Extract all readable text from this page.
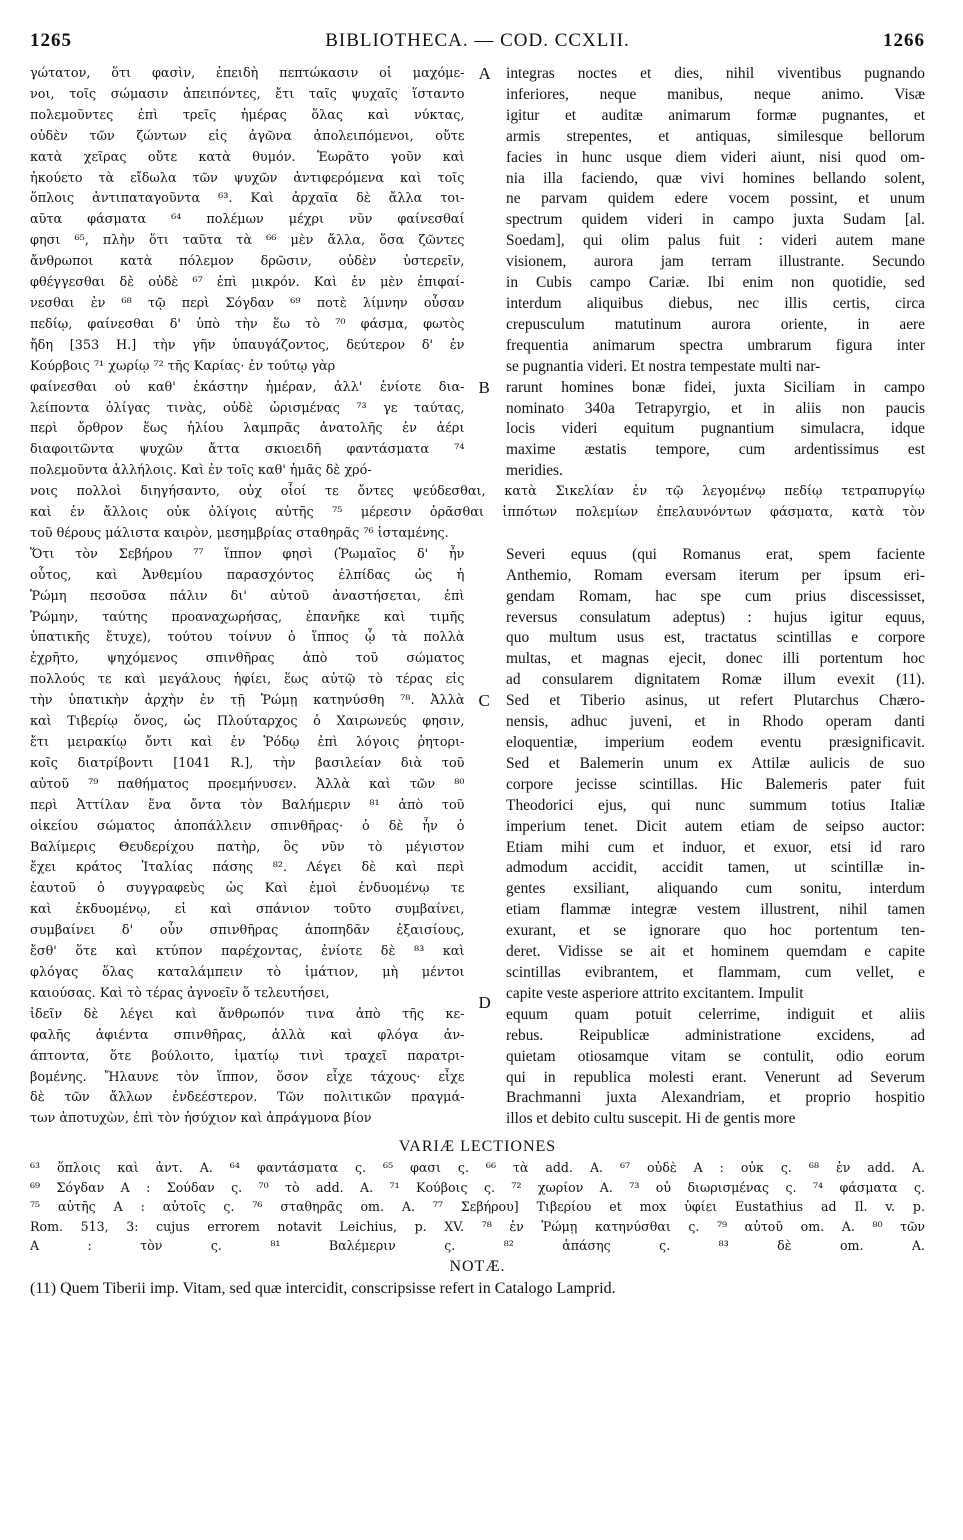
1265	BIBLIOTHECA. — COD. CCXLII.	1266
γώτατον, ὅτι φασὶν, ἐπειδὴ πεπτώκασιν οἱ μαχόμε-
νοι, τοῖς σώμασιν ἀπειπόντες, ἔτι ταῖς ψυχαῖς ἵσταντο
πολεμοῦντες ἐπὶ τρεῖς ἡμέρας ὅλας καὶ νύκτας,
οὐδὲν τῶν ζώντων εἰς ἀγῶνα ἀπολειπόμενοι, οὔτε
κατὰ χεῖρας οὔτε κατὰ θυμόν. Ἑωρᾶτο γοῦν καὶ
ἠκούετο τὰ εἴδωλα τῶν ψυχῶν ἀντιφερόμενα καὶ τοῖς
ὅπλοις ἀντιπαταγοῦντα ⁶³. Καὶ ἀρχαῖα δὲ ἄλλα τοι-
αῦτα φάσματα ⁶⁴ πολέμων μέχρι νῦν φαίνεσθαί
φησι ⁶⁵, πλὴν ὅτι ταῦτα τὰ ⁶⁶ μὲν ἄλλα, ὅσα ζῶντες
ἄνθρωποι κατὰ πόλεμον δρῶσιν, οὐδὲν ὑστερεῖν,
φθέγγεσθαι δὲ οὐδὲ ⁶⁷ ἐπὶ μικρόν. Καὶ ἐν μὲν ἐπιφαί-
νεσθαι ἐν ⁶⁸ τῷ περὶ Σόγδαν ⁶⁹ ποτὲ λίμνην οὖσαν
πεδίῳ, φαίνεσθαι δ' ὑπὸ τὴν ἕω τὸ ⁷⁰ φάσμα, φωτὸς
ἤδη [353 H.] τὴν γῆν ὑπαυγάζοντος, δεύτερον δ' ἐν
Κούρβοις ⁷¹ χωρίῳ ⁷² τῆς Καρίας· ἐν τούτῳ γὰρ
A integras noctes et dies, nihil viventibus pugnando
inferiores, neque manibus, neque animo. Visæ
igitur et auditæ animarum formæ pugnantes, et
armis strepentes, et antiquas, similesque bellorum
facies in hunc usque diem videri aiunt, nisi quod om-
nia illa faciendo, quæ vivi homines bellando solent,
ne parvam quidem edere vocem possint, et unum
spectrum quidem videri in campo juxta Sudam [al.
Soedam], qui olim palus fuit : videri autem mane
visionem, aurora jam terram illustrante. Secundo
in Cubis campo Cariæ. Ibi enim non quotidie, sed
interdum aliquibus diebus, nec illis certis, circa
crepusculum matutinum aurora oriente, in aere
frequentia animarum spectra umbrarum figura inter
se pugnantia videri. Et nostra tempestate multi nar-
φαίνεσθαι οὐ καθ' ἑκάστην ἡμέραν, ἀλλ' ἐνίοτε δια-
λείποντα ὀλίγας τινὰς, οὐδὲ ὡρισμένας ⁷³ γε ταύτας,
περὶ ὄρθρον ἕως ἡλίου λαμπρᾶς ἀνατολῆς ἐν ἀέρι
διαφοιτῶντα ψυχῶν ἄττα σκιοειδῆ φαντάσματα ⁷⁴
πολεμοῦντα ἀλλήλοις. Καὶ ἐν τοῖς καθ' ἡμᾶς δὲ χρό-
B rarunt homines bonæ fidei, juxta Siciliam in campo
nominato 340a Tetrapyrgio, et in aliis non paucis
locis videri equitum pugnantium simulacra, idque
maxime æstatis tempore, cum ardentissimus est
meridies.
νοις πολλοὶ διηγήσαντο, οὐχ οἷοί τε ὄντες ψεύδεσθαι, κατὰ Σικελίαν ἐν τῷ λεγομένῳ πεδίῳ τετραπυργίῳ
καὶ ἐν ἄλλοις οὐκ ὀλίγοις αὐτῆς ⁷⁵ μέρεσιν ὁρᾶσθαι ἱππότων πολεμίων ἐπελαυνόντων φάσματα, κατὰ τὸν
τοῦ θέρους μάλιστα καιρὸν, μεσημβρίας σταθηρᾶς ⁷⁶ ἱσταμένης.
Ὅτι τὸν Σεβήρου ⁷⁷ ἵππον φησὶ (Ῥωμαῖος δ' ἦν
οὗτος, καὶ Ἀνθεμίου παρασχόντος ἐλπίδας ὡς ἡ
Ῥώμη πεσοῦσα πάλιν δι' αὐτοῦ ἀναστήσεται, ἐπὶ
Ῥώμην, ταύτης προαναχωρήσας, ἐπανῆκε καὶ τιμῆς
ὑπατικῆς ἔτυχε), τούτου τοίνυν ὁ ἵππος ᾧ τὰ πολλὰ
ἐχρῆτο, ψηχόμενος σπινθῆρας ἀπὸ τοῦ σώματος
πολλούς τε καὶ μεγάλους ἠφίει, ἕως αὐτῷ τὸ τέρας εἰς
τὴν ὑπατικὴν ἀρχὴν ἐν τῇ Ῥώμῃ κατηνύσθη ⁷⁸. Ἀλλὰ
καὶ Τιβερίῳ ὄνος, ὡς Πλούταρχος ὁ Χαιρωνεύς φησιν,
ἔτι μειρακίῳ ὄντι καὶ ἐν Ῥόδῳ ἐπὶ λόγοις ῥητορι-
κοῖς διατρίβοντι [1041 R.], τὴν βασιλείαν διὰ τοῦ
αὐτοῦ ⁷⁹ παθήματος προεμήνυσεν. Ἀλλὰ καὶ τῶν ⁸⁰
περὶ Ἀττίλαν ἕνα ὄντα τὸν Βαλήμεριν ⁸¹ ἀπὸ τοῦ
οἰκείου σώματος ἀποπάλλειν σπινθῆρας· ὁ δὲ ἦν ὁ
Βαλίμερις Θευδερίχου πατὴρ, ὃς νῦν τὸ μέγιστον
ἔχει κράτος Ἰταλίας πάσης ⁸². Λέγει δὲ καὶ περὶ
ἑαυτοῦ ὁ συγγραφεὺς ὡς Καὶ ἐμοὶ ἐνδυομένῳ τε
καὶ ἐκδυομένῳ, εἰ καὶ σπάνιον τοῦτο συμβαίνει,
συμβαίνει δ' οὖν σπινθῆρας ἀποπηδᾶν ἐξαισίους,
ἔσθ' ὅτε καὶ κτύπον παρέχοντας, ἐνίοτε δὲ ⁸³ καὶ
φλόγας ὅλας καταλάμπειν τὸ ἱμάτιον, μὴ μέντοι
καιούσας. Καὶ τὸ τέρας ἀγνοεῖν ὅ τελευτήσει,
C
Severi equus (qui Romanus erat, spem faciente
Anthemio, Romam eversam iterum per ipsum eri-
gendam Romam, hac spe cum prius discessisset,
reversus consulatum adeptus) : hujus igitur equus,
quo multum usus est, tractatus scintillas e corpore
multas, et magnas ejecit, donec illi portentum hoc
ad consularem dignitatem Romæ illum evexit (11).
Sed et Tiberio asinus, ut refert Plutarchus Chæro-
nensis, adhuc juveni, et in Rhodo operam danti
eloquentiæ, imperium eodem eventu præsignificavit.
Sed et Balemerin unum ex Attilæ aulicis de suo
corpore jecisse scintillas. Hic Balemeris pater fuit
Theodorici ejus, qui nunc summum totius Italiæ
imperium tenet. Dicit autem etiam de seipso auctor:
Etiam mihi cum et induor, et exuor, etsi id raro
admodum accidit, accidit tamen, ut scintillæ in-
gentes exsiliant, aliquando cum sonitu, interdum
etiam flammæ integræ vestem illustrent, nihil tamen
exurant, et se ignorare quo hoc portentum ten-
deret. Vidisse se ait et hominem quemdam e capite
scintillas evibrantem, et flammam, cum vellet, e
capite veste asperiore attrito excitantem. Impulit
ἰδεῖν δὲ λέγει καὶ ἄνθρωπόν τινα ἀπὸ τῆς κε-
φαλῆς ἀφιέντα σπινθῆρας, ἀλλὰ καὶ φλόγα ἀν-
άπτοντα, ὅτε βούλοιτο, ἱματίῳ τινὶ τραχεῖ παρατρι-
βομένης. Ἤλαυνε τὸν ἵππον, ὅσον εἶχε τάχους· εἶχε
δὲ τῶν ἄλλων ἐνδεέστερον. Τῶν πολιτικῶν πραγμά-
των ἀποτυχὼν, ἐπὶ τὸν ἡσύχιον καὶ ἀπράγμονα βίον
D
equum quam potuit celerrime, indiguit et aliis
rebus. Reipublicæ administratione excidens, ad
quietam otiosamque vitam se contulit, odio eorum
qui in republica molesti erant. Venerunt ad Severum
Brachmanni juxta Alexandriam, et proprio hospitio
illos et debito cultu suscepit. Hi de gentis more
VARIÆ LECTIONES
⁶³ ὅπλοις καὶ ἀντ. A. ⁶⁴ φαντάσματα ς. ⁶⁵ φασι ς. ⁶⁶ τὰ add. A. ⁶⁷ οὐδὲ A : οὐκ ς. ⁶⁸ ἐν add. A.
⁶⁹ Σόγδαν A : Σούδαν ς. ⁷⁰ τὸ add. A. ⁷¹ Κούβοις ς. ⁷² χωρίον A. ⁷³ οὐ διωρισμένας ς. ⁷⁴ φάσματα ς.
⁷⁵ αὐτῆς A : αὐτοῖς ς. ⁷⁶ σταθηρᾶς om. A. ⁷⁷ Σεβήρου] Τιβερίου et mox ὑφίει Eustathius ad Il. v. p.
Rom. 513, 3: cujus errorem notavit Leichius, p. XV. ⁷⁸ ἐν Ῥώμῃ κατηνύσθαι ς. ⁷⁹ αὐτοῦ om. A. ⁸⁰ τῶν
A : τὸν ς. ⁸¹ Βαλέμεριν ς. ⁸² ἁπάσης ς. ⁸³ δὲ om. A.
NOTÆ.
(11) Quem Tiberii imp. Vitam, sed quæ intercidit, conscripsisse refert in Catalogo Lamprid.
